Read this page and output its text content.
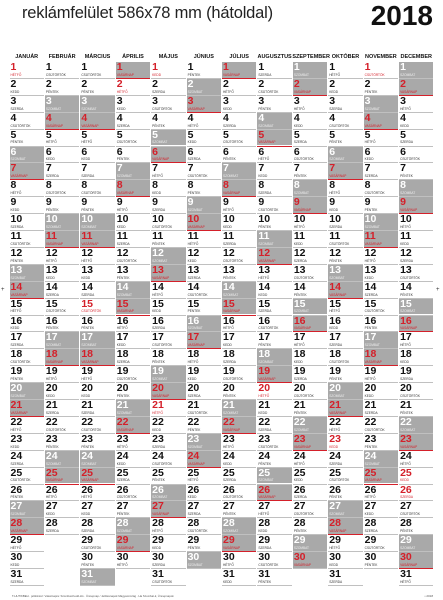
reklámfelület 586x78 mm (hátoldal)	2018
JANUÁR
1
HÉTFŐ
2
KEDD
3
SZERDA
4
CSÜTÖRTÖK
5
PÉNTEK
6
SZOMBAT
7
VASÁRNAP
8
HÉTFŐ
9
KEDD
10
SZERDA
11
CSÜTÖRTÖK
12
PÉNTEK
13
SZOMBAT
14
VASÁRNAP
15
HÉTFŐ
16
KEDD
17
SZERDA
18
CSÜTÖRTÖK
19
PÉNTEK
20
SZOMBAT
21
VASÁRNAP
22
HÉTFŐ
23
KEDD
24
SZERDA
25
CSÜTÖRTÖK
26
PÉNTEK
27
SZOMBAT
28
VASÁRNAP
29
HÉTFŐ
30
KEDD
31
SZERDA
FEBRUÁR
1
CSÜTÖRTÖK
2
PÉNTEK
3
SZOMBAT
4
VASÁRNAP
5
HÉTFŐ
6
KEDD
7
SZERDA
8
CSÜTÖRTÖK
9
PÉNTEK
10
SZOMBAT
11
VASÁRNAP
12
HÉTFŐ
13
KEDD
14
SZERDA
15
CSÜTÖRTÖK
16
PÉNTEK
17
SZOMBAT
18
VASÁRNAP
19
HÉTFŐ
20
KEDD
21
SZERDA
22
CSÜTÖRTÖK
23
PÉNTEK
24
SZOMBAT
25
VASÁRNAP
26
HÉTFŐ
27
KEDD
28
SZERDA
MÁRCIUS
1
CSÜTÖRTÖK
2
PÉNTEK
3
SZOMBAT
4
VASÁRNAP
5
HÉTFŐ
6
KEDD
7
SZERDA
8
CSÜTÖRTÖK
9
PÉNTEK
10
SZOMBAT
11
VASÁRNAP
12
HÉTFŐ
13
KEDD
14
SZERDA
15
CSÜTÖRTÖK
16
PÉNTEK
17
SZOMBAT
18
VASÁRNAP
19
HÉTFŐ
20
KEDD
21
SZERDA
22
CSÜTÖRTÖK
23
PÉNTEK
24
SZOMBAT
25
VASÁRNAP
26
HÉTFŐ
27
KEDD
28
SZERDA
29
CSÜTÖRTÖK
30
PÉNTEK
31
SZOMBAT
ÁPRILIS
1
VASÁRNAP
2
HÉTFŐ
3
KEDD
4
SZERDA
5
CSÜTÖRTÖK
6
PÉNTEK
7
SZOMBAT
8
VASÁRNAP
9
HÉTFŐ
10
KEDD
11
SZERDA
12
CSÜTÖRTÖK
13
PÉNTEK
14
SZOMBAT
15
VASÁRNAP
16
HÉTFŐ
17
KEDD
18
SZERDA
19
CSÜTÖRTÖK
20
PÉNTEK
21
SZOMBAT
22
VASÁRNAP
23
HÉTFŐ
24
KEDD
25
SZERDA
26
CSÜTÖRTÖK
27
PÉNTEK
28
SZOMBAT
29
VASÁRNAP
30
HÉTFŐ
MÁJUS
1
KEDD
2
SZERDA
3
CSÜTÖRTÖK
4
PÉNTEK
5
SZOMBAT
6
VASÁRNAP
7
HÉTFŐ
8
KEDD
9
SZERDA
10
CSÜTÖRTÖK
11
PÉNTEK
12
SZOMBAT
13
VASÁRNAP
14
HÉTFŐ
15
KEDD
16
SZERDA
17
CSÜTÖRTÖK
18
PÉNTEK
19
SZOMBAT
20
VASÁRNAP
21
HÉTFŐ
22
KEDD
23
SZERDA
24
CSÜTÖRTÖK
25
PÉNTEK
26
SZOMBAT
27
VASÁRNAP
28
HÉTFŐ
29
KEDD
30
SZERDA
31
CSÜTÖRTÖK
JÚNIUS
1
PÉNTEK
2
SZOMBAT
3
VASÁRNAP
4
HÉTFŐ
5
KEDD
6
SZERDA
7
CSÜTÖRTÖK
8
PÉNTEK
9
SZOMBAT
10
VASÁRNAP
11
HÉTFŐ
12
KEDD
13
SZERDA
14
CSÜTÖRTÖK
15
PÉNTEK
16
SZOMBAT
17
VASÁRNAP
18
HÉTFŐ
19
KEDD
20
SZERDA
21
CSÜTÖRTÖK
22
PÉNTEK
23
SZOMBAT
24
VASÁRNAP
25
HÉTFŐ
26
KEDD
27
SZERDA
28
CSÜTÖRTÖK
29
PÉNTEK
30
SZOMBAT
JÚLIUS
1
VASÁRNAP
2
HÉTFŐ
3
KEDD
4
SZERDA
5
CSÜTÖRTÖK
6
PÉNTEK
7
SZOMBAT
8
VASÁRNAP
9
HÉTFŐ
10
KEDD
11
SZERDA
12
CSÜTÖRTÖK
13
PÉNTEK
14
SZOMBAT
15
VASÁRNAP
16
HÉTFŐ
17
KEDD
18
SZERDA
19
CSÜTÖRTÖK
20
PÉNTEK
21
SZOMBAT
22
VASÁRNAP
23
HÉTFŐ
24
KEDD
25
SZERDA
26
CSÜTÖRTÖK
27
PÉNTEK
28
SZOMBAT
29
VASÁRNAP
30
HÉTFŐ
31
KEDD
AUGUSZTUS
1
SZERDA
2
CSÜTÖRTÖK
3
PÉNTEK
4
SZOMBAT
5
VASÁRNAP
6
HÉTFŐ
7
KEDD
8
SZERDA
9
CSÜTÖRTÖK
10
PÉNTEK
11
SZOMBAT
12
VASÁRNAP
13
HÉTFŐ
14
KEDD
15
SZERDA
16
CSÜTÖRTÖK
17
PÉNTEK
18
SZOMBAT
19
VASÁRNAP
20
HÉTFŐ
21
KEDD
22
SZERDA
23
CSÜTÖRTÖK
24
PÉNTEK
25
SZOMBAT
26
VASÁRNAP
27
HÉTFŐ
28
KEDD
29
SZERDA
30
CSÜTÖRTÖK
31
PÉNTEK
SZEPTEMBER
1
SZOMBAT
2
VASÁRNAP
3
HÉTFŐ
4
KEDD
5
SZERDA
6
CSÜTÖRTÖK
7
PÉNTEK
8
SZOMBAT
9
VASÁRNAP
10
HÉTFŐ
11
KEDD
12
SZERDA
13
CSÜTÖRTÖK
14
PÉNTEK
15
SZOMBAT
16
VASÁRNAP
17
HÉTFŐ
18
KEDD
19
SZERDA
20
CSÜTÖRTÖK
21
PÉNTEK
22
SZOMBAT
23
VASÁRNAP
24
HÉTFŐ
25
KEDD
26
SZERDA
27
CSÜTÖRTÖK
28
PÉNTEK
29
SZOMBAT
30
VASÁRNAP
OKTÓBER
1
HÉTFŐ
2
KEDD
3
SZERDA
4
CSÜTÖRTÖK
5
PÉNTEK
6
SZOMBAT
7
VASÁRNAP
8
HÉTFŐ
9
KEDD
10
SZERDA
11
CSÜTÖRTÖK
12
PÉNTEK
13
SZOMBAT
14
VASÁRNAP
15
HÉTFŐ
16
KEDD
17
SZERDA
18
CSÜTÖRTÖK
19
PÉNTEK
20
SZOMBAT
21
VASÁRNAP
22
HÉTFŐ
23
KEDD
24
SZERDA
25
CSÜTÖRTÖK
26
PÉNTEK
27
SZOMBAT
28
VASÁRNAP
29
HÉTFŐ
30
KEDD
31
SZERDA
NOVEMBER
1
CSÜTÖRTÖK
2
PÉNTEK
3
SZOMBAT
4
VASÁRNAP
5
HÉTFŐ
6
KEDD
7
SZERDA
8
CSÜTÖRTÖK
9
PÉNTEK
10
SZOMBAT
11
VASÁRNAP
12
HÉTFŐ
13
KEDD
14
SZERDA
15
CSÜTÖRTÖK
16
PÉNTEK
17
SZOMBAT
18
VASÁRNAP
19
HÉTFŐ
20
KEDD
21
SZERDA
22
CSÜTÖRTÖK
23
PÉNTEK
24
SZOMBAT
25
VASÁRNAP
26
HÉTFŐ
27
KEDD
28
SZERDA
29
CSÜTÖRTÖK
30
PÉNTEK
DECEMBER
1
SZOMBAT
2
VASÁRNAP
3
HÉTFŐ
4
KEDD
5
SZERDA
6
CSÜTÖRTÖK
7
PÉNTEK
8
SZOMBAT
9
VASÁRNAP
10
HÉTFŐ
11
KEDD
12
SZERDA
13
CSÜTÖRTÖK
14
PÉNTEK
15
SZOMBAT
16
VASÁRNAP
17
HÉTFŐ
18
KEDD
19
SZERDA
20
CSÜTÖRTÖK
21
PÉNTEK
22
SZOMBAT
23
VASÁRNAP
24
HÉTFŐ
25
KEDD
26
SZERDA
27
CSÜTÖRTÖK
28
PÉNTEK
29
SZOMBAT
30
VASÁRNAP
31
HÉTFŐ
+	+
T-HUTIKBEH · jelölőrész: Vásárnapra: Szombat-Kedd-Hó · Ünnepnap / Jelölésnapok Magyarország · Ha Szombat-k, Ünnepnapok	• 2018
